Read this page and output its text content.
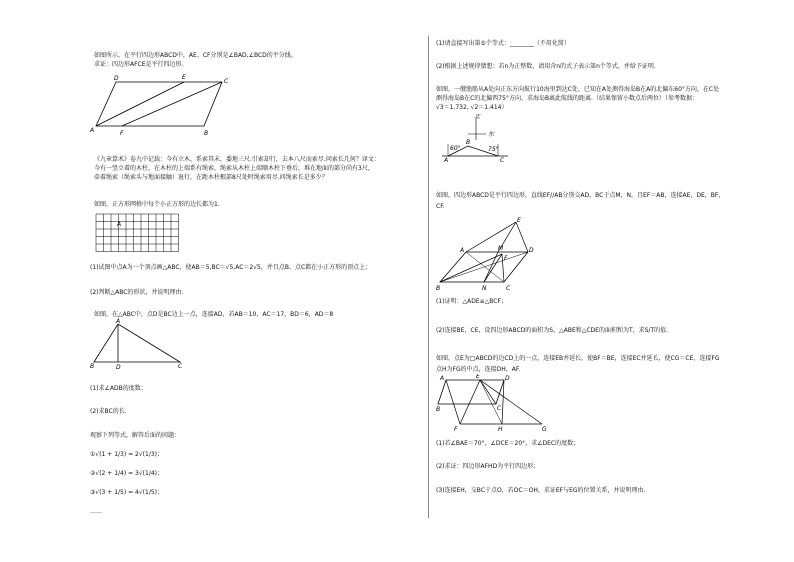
如图所示，在平行四边形ABCD中，AE、CF分别是∠BAD,∠BCD的平分线。
求证：四边形AFCE是平行四边形。
A
D	E
C
F	B
《九章算术》卷九中记载：今有立木，系索其末，委地三尺.引索却行，去本八尺而索尽.问索长几何？译文：
今有一竖立着的木柱，在木柱的上端系有绳索，绳索从木柱上端顺木柱下垂后，堆在地面的部分尚有3尺，
牵着绳索（绳索头与地面接触）退行，在距木柱根部8尺处时绳索用尽.问绳索长是多少？
如图，正方形网格中每个小正方形的边长都为1.
A
(1)试图中点A为一个顶点画△ABC，使AB＝5,BC＝√5,AC＝2√5，并且点B、点C都在小正方形的顶点上；
(2)判断△ABC的形状，并说明理由.
如图，在△ABC中，点D是BC边上一点，连接AD，若AB＝10，AC＝17，BD＝6，AD＝8
A
B	D	C
(1)求∠ADB的度数；
(2)求BC的长.
观察下列等式，解答后面的问题：
①√(1 + 1/3) = 2√(1/3)；
②√(2 + 1/4) = 3√(1/4)；
③√(3 + 1/5) = 4√(1/5)；
……
(1)请直接写出第⑤个等式：________（不用化简）
(2)根据上述规律猜想：若n为正整数，请用含n的式子表示第n个等式，并给予证明.
如图，一艘渔船从A处向正东方向航行10海里到达C处，已知在A处测得海岛B在A的北偏东60°方向，在C处
测得海岛B在C的北偏西75°方向，求海岛B离此航线的距离.（结果保留小数点后两位）（参考数据：
√3＝1.732, √2＝1.414）
北
东
60°	75°
A	C
B
如图，四边形ABCD是平行四边形，直线EF//AB分别交AD，BC于点M，N，且EF＝AB，连接AE，DE，BF，
CF.
A
B	C
D
E
F
M
N
(1)证明：△ADE≌△BCF；
(2)连接BE，CE，设四边形ABCD的面积为S，△ABE和△CDE的面积和为T，求S/T的值.
如图，点E为□ABCD的边CD上的一点，连接EB并延长，使BF＝BE，连接EC并延长，使CG＝CE，连接FG
点H为FG的中点，连接DH，AF.
A	D
E
B	C
F	H	G
(1)若∠BAE＝70°，∠DCE＝20°，求∠DEC的度数；
(2)求证：四边形AFHD为平行四边形；
(3)连接EH，交BC于点O，若OC＝OH，求证EF与EG的位置关系，并说明理由.
